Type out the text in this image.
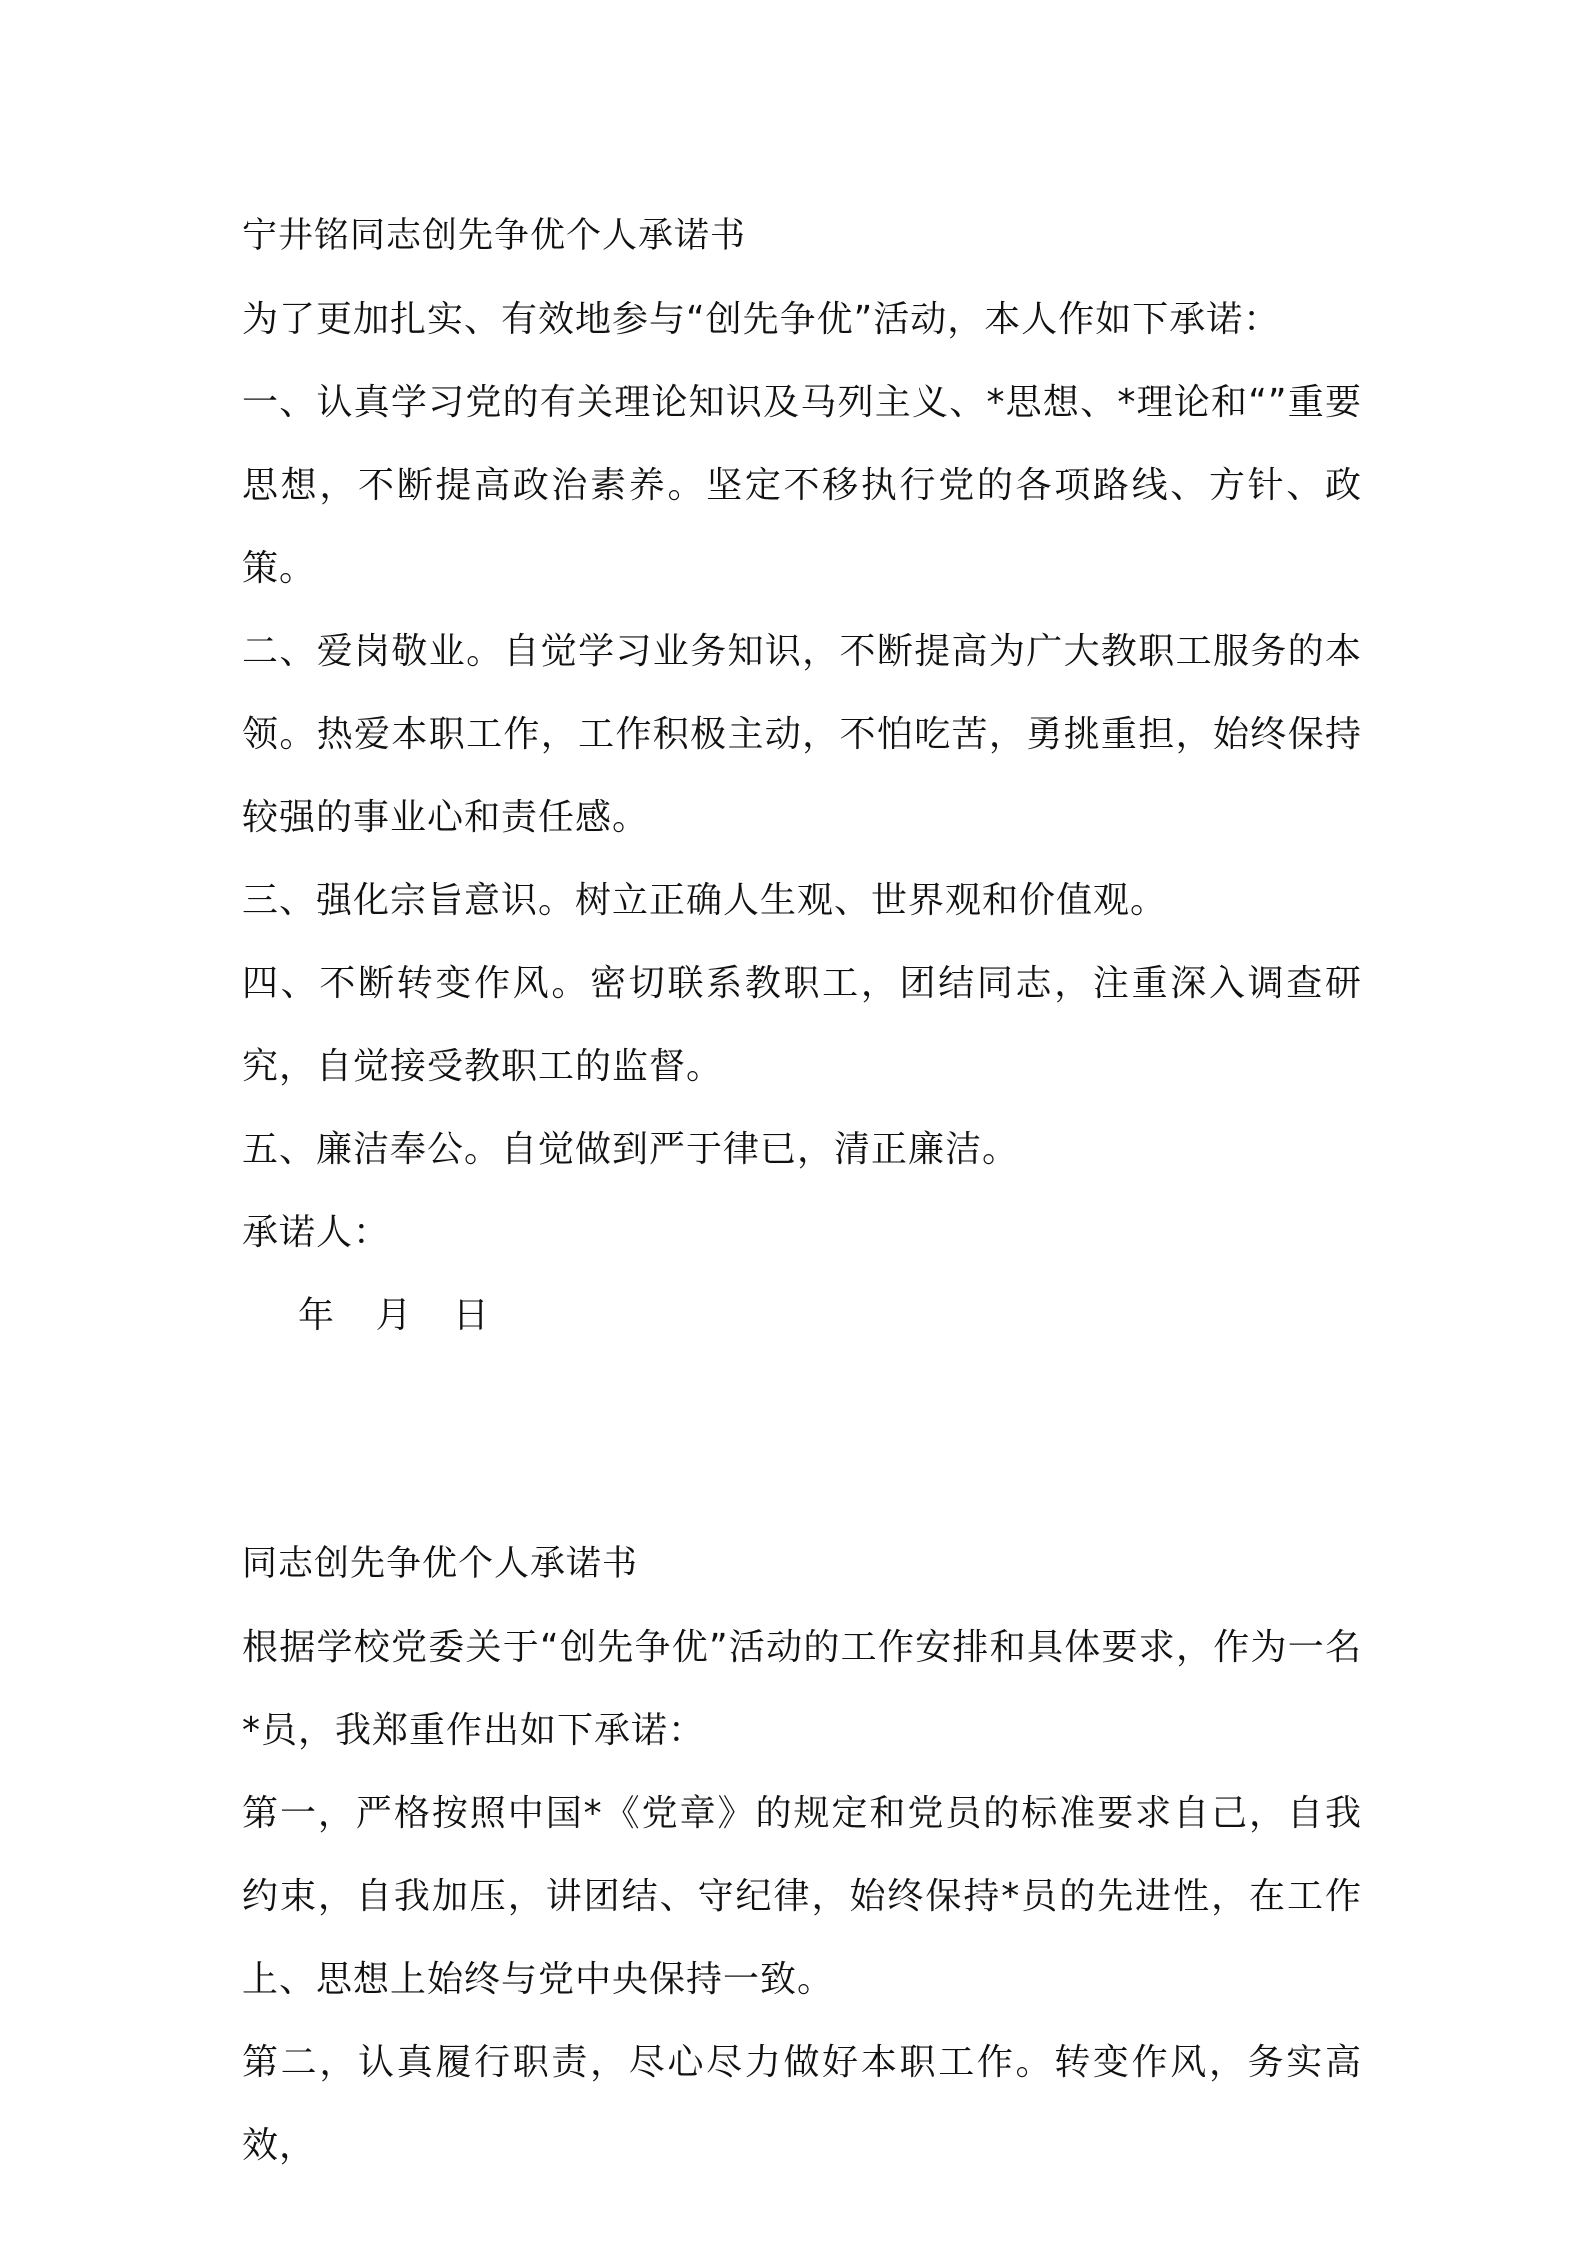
宁井铭同志创先争优个人承诺书

为了更加扎实、有效地参与“创先争优”活动，本人作如下承诺：

一、认真学习党的有关理论知识及马列主义、*思想、*理论和“”重要思想，不断提高政治素养。坚定不移执行党的各项路线、方针、政策。

二、爱岗敬业。自觉学习业务知识，不断提高为广大教职工服务的本领。热爱本职工作，工作积极主动，不怕吃苦，勇挑重担，始终保持较强的事业心和责任感。

三、强化宗旨意识。树立正确人生观、世界观和价值观。

四、不断转变作风。密切联系教职工，团结同志，注重深入调查研究，自觉接受教职工的监督。

五、廉洁奉公。自觉做到严于律已，清正廉洁。

承诺人：

年 月 日

同志创先争优个人承诺书

根据学校党委关于“创先争优”活动的工作安排和具体要求，作为一名*员，我郑重作出如下承诺：

第一，严格按照中国*《党章》的规定和党员的标准要求自己，自我约束，自我加压，讲团结、守纪律，始终保持*员的先进性，在工作上、思想上始终与党中央保持一致。

第二，认真履行职责，尽心尽力做好本职工作。转变作风，务实高效，
